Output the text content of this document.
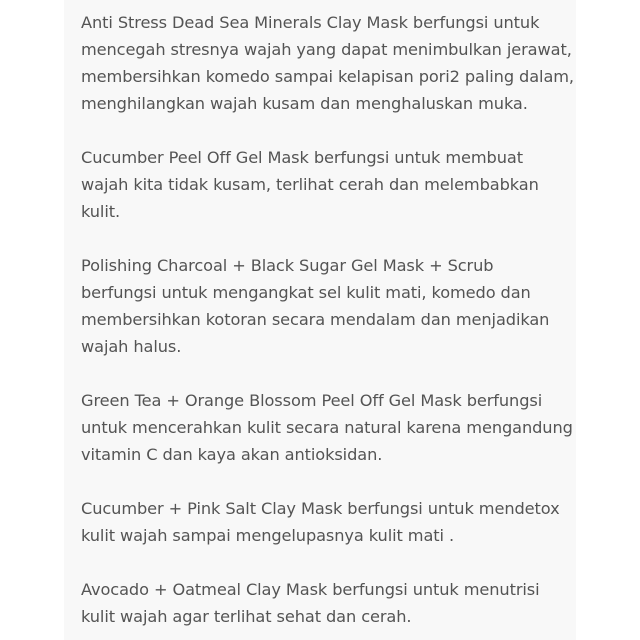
Anti Stress Dead Sea Minerals Clay Mask berfungsi untuk
mencegah stresnya wajah yang dapat menimbulkan jerawat,
membersihkan komedo sampai kelapisan pori2 paling dalam,
menghilangkan wajah kusam dan menghaluskan muka.
Cucumber Peel Off Gel Mask berfungsi untuk membuat
wajah kita tidak kusam, terlihat cerah dan melembabkan
kulit.
Polishing Charcoal + Black Sugar Gel Mask + Scrub
berfungsi untuk mengangkat sel kulit mati, komedo dan
membersihkan kotoran secara mendalam dan menjadikan
wajah halus.
Green Tea + Orange Blossom Peel Off Gel Mask berfungsi
untuk mencerahkan kulit secara natural karena mengandung
vitamin C dan kaya akan antioksidan.
Cucumber + Pink Salt Clay Mask berfungsi untuk mendetox
kulit wajah sampai mengelupasnya kulit mati .
Avocado + Oatmeal Clay Mask berfungsi untuk menutrisi
kulit wajah agar terlihat sehat dan cerah.
